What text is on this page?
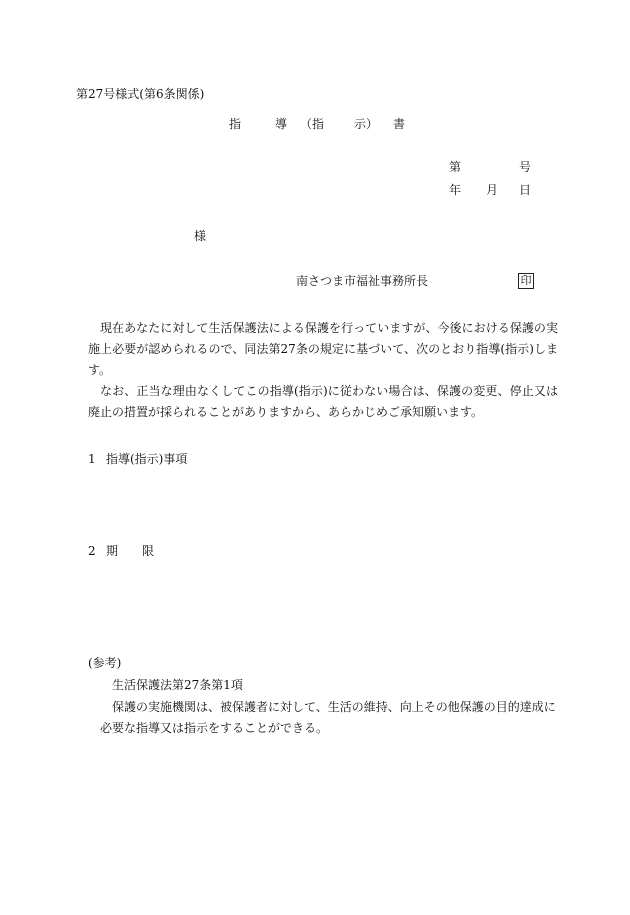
第27号様式(第6条関係)
指	導 （指 示） 書
第	号
年 月 日
様
南さつま市福祉事務所長	印

現在あなたに対して生活保護法による保護を行っていますが、今後における保護の実施上必要が認められるので、同法第27条の規定に基づいて、次のとおり指導(指示)します。

なお、正当な理由なくしてこの指導(指示)に従わない場合は、保護の変更、停止又は廃止の措置が採られることがありますから、あらかじめご承知願います。

1 指導(指示)事項
2 期 限
(参考)
生活保護法第27条第1項

保護の実施機関は、被保護者に対して、生活の維持、向上その他保護の目的達成に必要な指導又は指示をすることができる。
